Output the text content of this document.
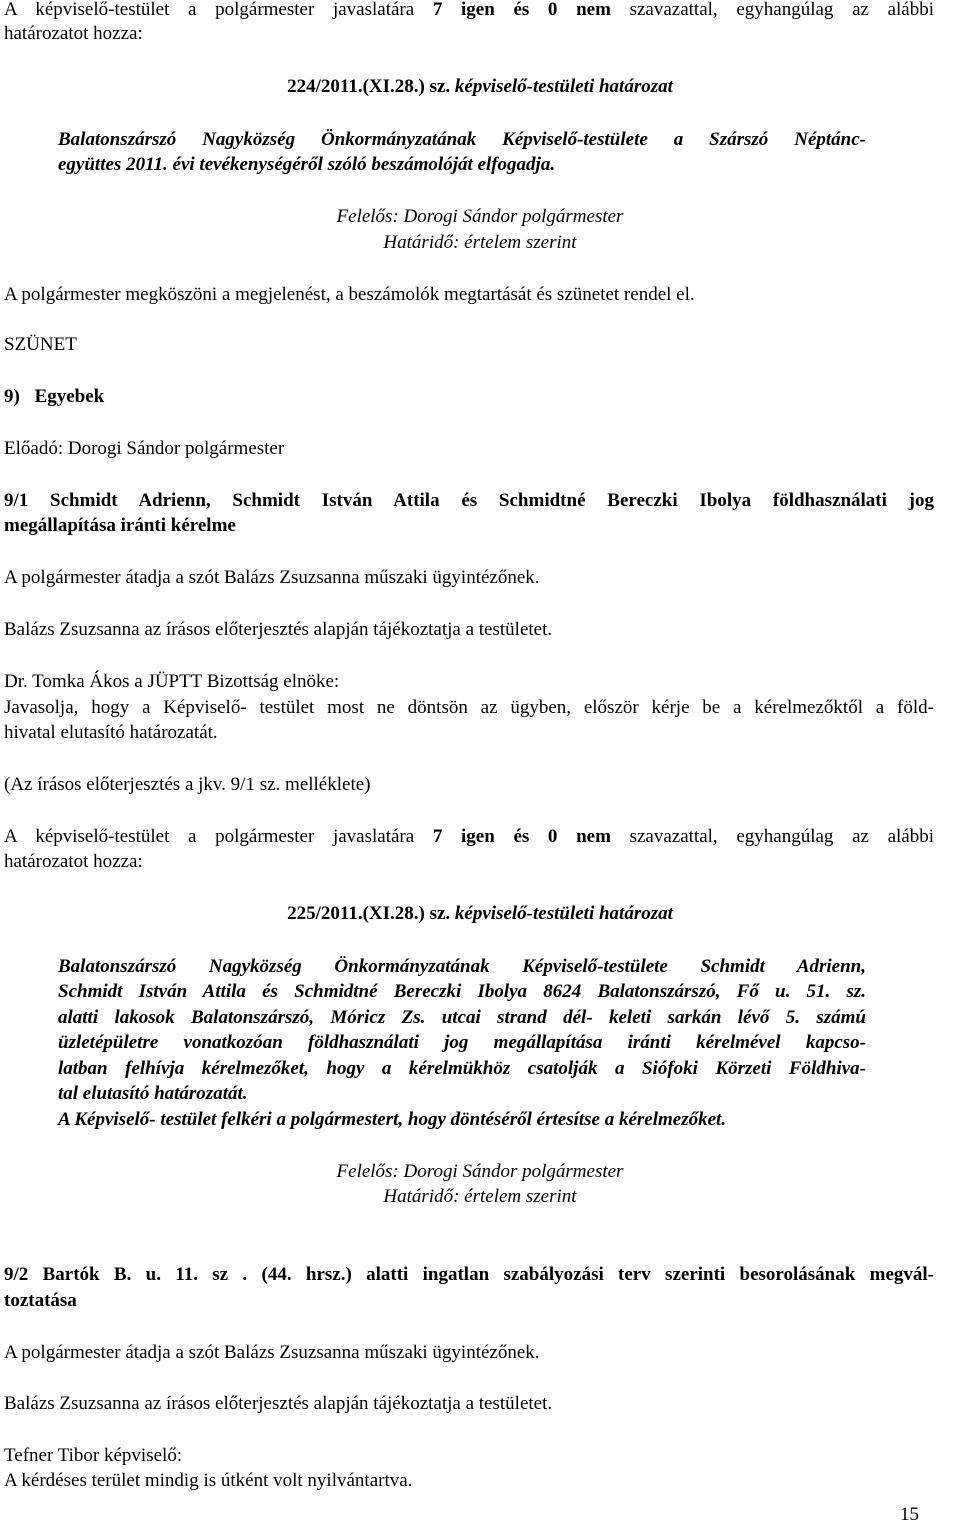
A képviselő-testület a polgármester javaslatára 7 igen és 0 nem szavazattal, egyhangúlag az alábbi
határozatot hozza:
224/2011.(XI.28.) sz. képviselő-testületi határozat
Balatonszárszó Nagyközség Önkormányzatának Képviselő-testülete a Szárszó Néptánc-
együttes 2011. évi tevékenységéről szóló beszámolóját elfogadja.
Felelős: Dorogi Sándor polgármester
Határidő: értelem szerint
A polgármester megköszöni a megjelenést, a beszámolók megtartását és szünetet rendel el.
SZÜNET
9) Egyebek
Előadó: Dorogi Sándor polgármester
9/1 Schmidt Adrienn, Schmidt István Attila és Schmidtné Bereczki Ibolya földhasználati jog
megállapítása iránti kérelme
A polgármester átadja a szót Balázs Zsuzsanna műszaki ügyintézőnek.
Balázs Zsuzsanna az írásos előterjesztés alapján tájékoztatja a testületet.
Dr. Tomka Ákos a JÜPTT Bizottság elnöke:
Javasolja, hogy a Képviselő- testület most ne döntsön az ügyben, először kérje be a kérelmezőktől a föld-
hivatal elutasító határozatát.
(Az írásos előterjesztés a jkv. 9/1 sz. melléklete)
A képviselő-testület a polgármester javaslatára 7 igen és 0 nem szavazattal, egyhangúlag az alábbi
határozatot hozza:
225/2011.(XI.28.) sz. képviselő-testületi határozat
Balatonszárszó Nagyközség Önkormányzatának Képviselő-testülete Schmidt Adrienn,
Schmidt István Attila és Schmidtné Bereczki Ibolya 8624 Balatonszárszó, Fő u. 51. sz.
alatti lakosok Balatonszárszó, Móricz Zs. utcai strand dél- keleti sarkán lévő 5. számú
üzletépületre vonatkozóan földhasználati jog megállapítása iránti kérelmével kapcso-
latban felhívja kérelmezőket, hogy a kérelmükhöz csatolják a Siófoki Körzeti Földhiva-
tal elutasító határozatát.
A Képviselő- testület felkéri a polgármestert, hogy döntéséről értesítse a kérelmezőket.
Felelős: Dorogi Sándor polgármester
Határidő: értelem szerint
9/2 Bartók B. u. 11. sz . (44. hrsz.) alatti ingatlan szabályozási terv szerinti besorolásának megvál-
toztatása
A polgármester átadja a szót Balázs Zsuzsanna műszaki ügyintézőnek.
Balázs Zsuzsanna az írásos előterjesztés alapján tájékoztatja a testületet.
Tefner Tibor képviselő:
A kérdéses terület mindig is útként volt nyilvántartva.
15
